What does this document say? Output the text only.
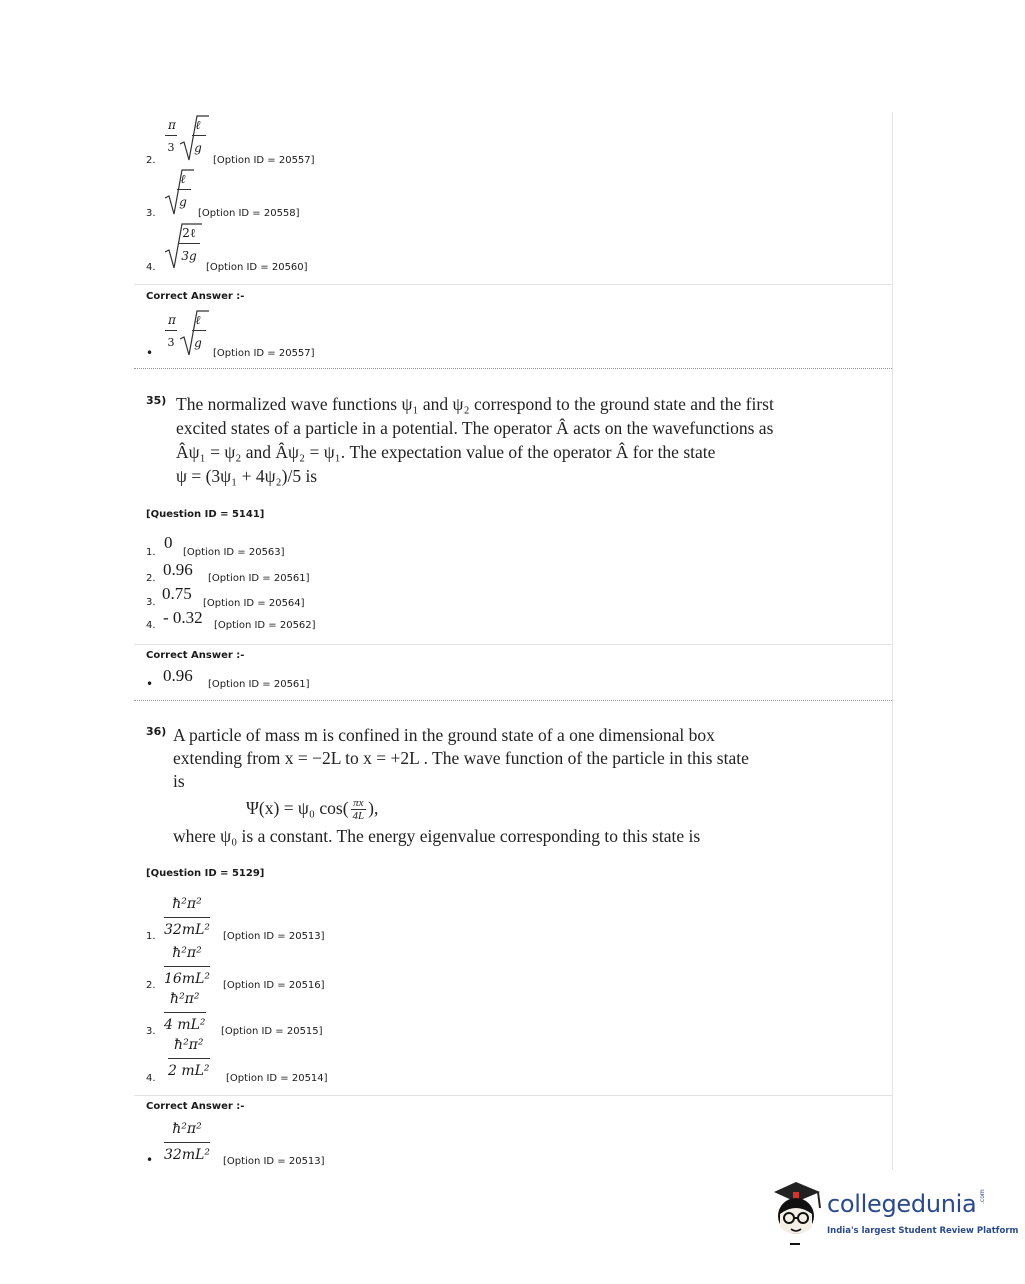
2.
π
3
ℓ
g
[Option ID = 20557]
3.
ℓ
g
[Option ID = 20558]
4.
2ℓ
3g
[Option ID = 20560]
Correct Answer :-
•
π
3
ℓ
g
[Option ID = 20557]
35) The normalized wave functions ψ₁ and ψ₂ correspond to the ground state and the first
excited states of a particle in a potential. The operator Â acts on the wavefunctions as
Âψ₁ = ψ₂ and Âψ₂ = ψ₁. The expectation value of the operator Â for the state
ψ = (3ψ₁ + 4ψ₂)/5 is
[Question ID = 5141]
1.
0
[Option ID = 20563]
2. 0.96 [Option ID = 20561]
3. 0.75
[Option ID = 20564]
4. - 0.32 [Option ID = 20562]
Correct Answer :-
• 0.96 [Option ID = 20561]
36) A particle of mass m is confined in the ground state of a one dimensional box
extending from x = −2L to x = +2L . The wave function of the particle in this state
is
Ψ(x) = ψ₀ $\cos( \frac{\pi x}{4L}$ ),
where ψ₀ is a constant. The energy eigenvalue corresponding to this state is
[Question ID = 5129]
ħ²π²
32mL²
1.	[Option ID = 20513]
ħ²π²
16mL²
2.	[Option ID = 20516]
ħ²π²
4 mL²
3.	[Option ID = 20515]
ħ²π²
2 mL²
4.	[Option ID = 20514]
Correct Answer :-
ħ²π²
32mL²
•	[Option ID = 20513]
collegedunia .com
India's largest Student Review Platform
